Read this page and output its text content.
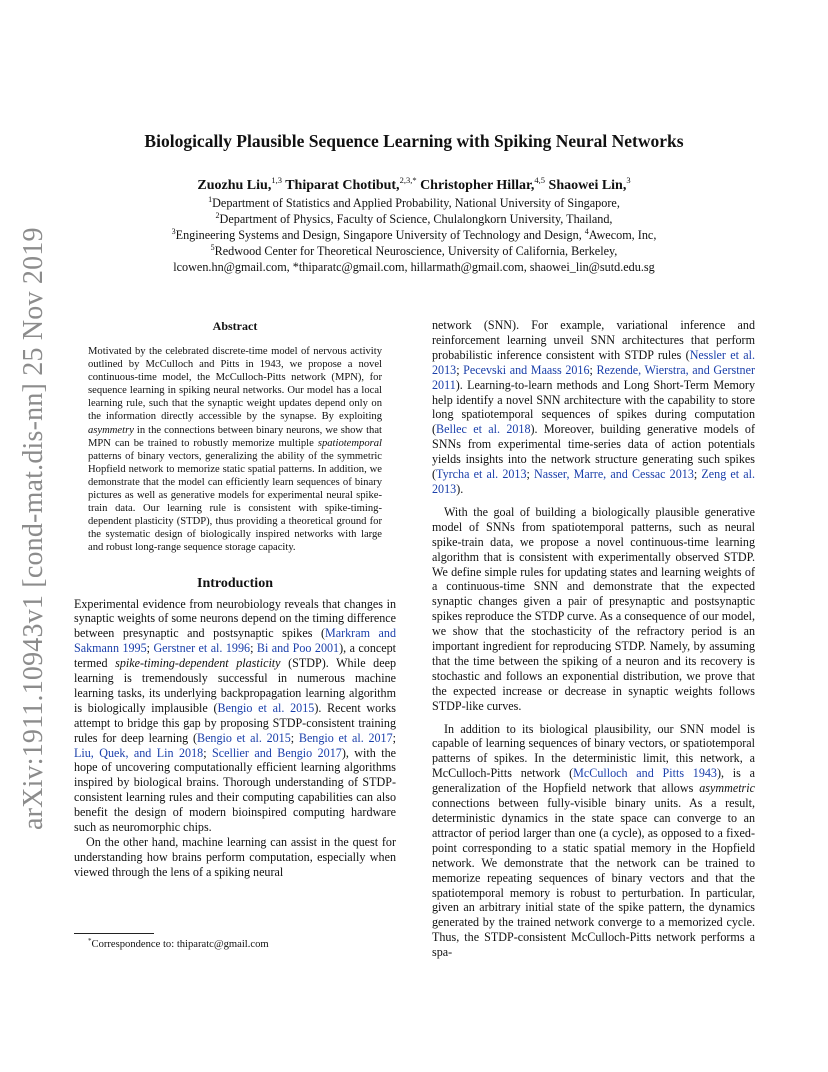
arXiv:1911.10943v1 [cond-mat.dis-nn] 25 Nov 2019
Biologically Plausible Sequence Learning with Spiking Neural Networks
Zuozhu Liu,$^{1,3}$ Thiparat Chotibut,$^{2,3,*}$ Christopher Hillar,$^{4,5}$ Shaowei Lin,$^3$
$^1$Department of Statistics and Applied Probability, National University of Singapore,
$^2$Department of Physics, Faculty of Science, Chulalongkorn University, Thailand,
$^3$Engineering Systems and Design, Singapore University of Technology and Design, $^4$Awecom, Inc,
$^5$Redwood Center for Theoretical Neuroscience, University of California, Berkeley,
lcowen.hn@gmail.com, *thiparatc@gmail.com, hillarmath@gmail.com, shaowei_lin@sutd.edu.sg
Abstract

Motivated by the celebrated discrete-time model of nervous activity outlined by McCulloch and Pitts in 1943, we propose a novel continuous-time model, the McCulloch-Pitts network (MPN), for sequence learning in spiking neural networks. Our model has a local learning rule, such that the synaptic weight updates depend only on the information directly accessible by the synapse. By exploiting asymmetry in the connections between binary neurons, we show that MPN can be trained to robustly memorize multiple spatiotemporal patterns of binary vectors, generalizing the ability of the symmetric Hopfield network to memorize static spatial patterns. In addition, we demonstrate that the model can efficiently learn sequences of binary pictures as well as generative models for experimental neural spike-train data. Our learning rule is consistent with spike-timing-dependent plasticity (STDP), thus providing a theoretical ground for the systematic design of biologically inspired networks with large and robust long-range sequence storage capacity.

Introduction

Experimental evidence from neurobiology reveals that changes in synaptic weights of some neurons depend on the timing difference between presynaptic and postsynaptic spikes (Markram and Sakmann 1995; Gerstner et al. 1996; Bi and Poo 2001), a concept termed spike-timing-dependent plasticity (STDP). While deep learning is tremendously successful in numerous machine learning tasks, its underlying backpropagation learning algorithm is biologically implausible (Bengio et al. 2015). Recent works attempt to bridge this gap by proposing STDP-consistent training rules for deep learning (Bengio et al. 2015; Bengio et al. 2017; Liu, Quek, and Lin 2018; Scellier and Bengio 2017), with the hope of uncovering computationally efficient learning algorithms inspired by biological brains. Thorough understanding of STDP-consistent learning rules and their computing capabilities can also benefit the design of modern bioinspired computing hardware such as neuromorphic chips.

On the other hand, machine learning can assist in the quest for understanding how brains perform computation, especially when viewed through the lens of a spiking neural

network (SNN). For example, variational inference and reinforcement learning unveil SNN architectures that perform probabilistic inference consistent with STDP rules (Nessler et al. 2013; Pecevski and Maass 2016; Rezende, Wierstra, and Gerstner 2011). Learning-to-learn methods and Long Short-Term Memory help identify a novel SNN architecture with the capability to store long spatiotemporal sequences of spikes during computation (Bellec et al. 2018). Moreover, building generative models of SNNs from experimental time-series data of action potentials yields insights into the network structure generating such spikes (Tyrcha et al. 2013; Nasser, Marre, and Cessac 2013; Zeng et al. 2013).

With the goal of building a biologically plausible generative model of SNNs from spatiotemporal patterns, such as neural spike-train data, we propose a novel continuous-time learning algorithm that is consistent with experimentally observed STDP. We define simple rules for updating states and learning weights of a continuous-time SNN and demonstrate that the expected synaptic changes given a pair of presynaptic and postsynaptic spikes reproduce the STDP curve. As a consequence of our model, we show that the stochasticity of the refractory period is an important ingredient for reproducing STDP. Namely, by assuming that the time between the spiking of a neuron and its recovery is stochastic and follows an exponential distribution, we prove that the expected increase or decrease in synaptic weights follows STDP-like curves.

In addition to its biological plausibility, our SNN model is capable of learning sequences of binary vectors, or spatiotemporal patterns of spikes. In the deterministic limit, this network, a McCulloch-Pitts network (McCulloch and Pitts 1943), is a generalization of the Hopfield network that allows asymmetric connections between fully-visible binary units. As a result, deterministic dynamics in the state space can converge to an attractor of period larger than one (a cycle), as opposed to a fixed-point corresponding to a static spatial memory in the Hopfield network. We demonstrate that the network can be trained to memorize repeating sequences of binary vectors and that the spatiotemporal memory is robust to perturbation. In particular, given an arbitrary initial state of the spike pattern, the dynamics generated by the trained network converge to a memorized cycle. Thus, the STDP-consistent McCulloch-Pitts network performs a spa-

*Correspondence to: thiparatc@gmail.com
